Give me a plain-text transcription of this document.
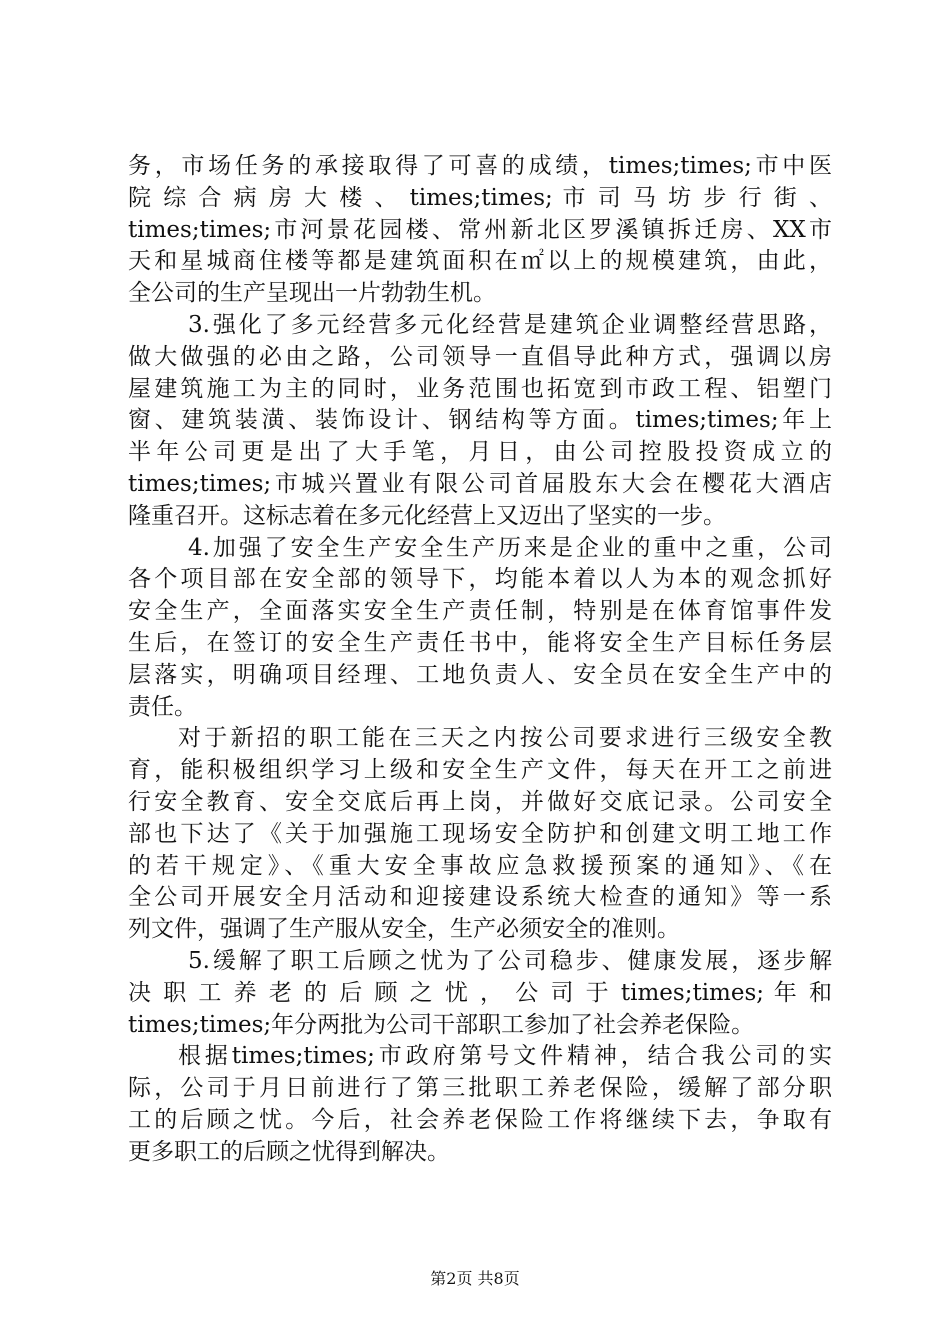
务，市场任务的承接取得了可喜的成绩，times;times;市中医
院 综 合 病 房 大 楼 、 times;times; 市 司 马 坊 步 行 街 、
times;times;市河景花园楼、常州新北区罗溪镇拆迁房、XX市
天和星城商住楼等都是建筑面积在㎡以上的规模建筑，由此，
全公司的生产呈现出一片勃勃生机。
3.强化了多元经营多元化经营是建筑企业调整经营思路，
做大做强的必由之路，公司领导一直倡导此种方式，强调以房
屋建筑施工为主的同时，业务范围也拓宽到市政工程、铝塑门
窗、建筑装潢、装饰设计、钢结构等方面。times;times;年上
半年公司更是出了大手笔，月日，由公司控股投资成立的
times;times;市城兴置业有限公司首届股东大会在樱花大酒店
隆重召开。这标志着在多元化经营上又迈出了坚实的一步。
4.加强了安全生产安全生产历来是企业的重中之重，公司
各个项目部在安全部的领导下，均能本着以人为本的观念抓好
安全生产，全面落实安全生产责任制，特别是在体育馆事件发
生后，在签订的安全生产责任书中，能将安全生产目标任务层
层落实，明确项目经理、工地负责人、安全员在安全生产中的
责任。
对于新招的职工能在三天之内按公司要求进行三级安全教
育，能积极组织学习上级和安全生产文件，每天在开工之前进
行安全教育、安全交底后再上岗，并做好交底记录。公司安全
部也下达了《关于加强施工现场安全防护和创建文明工地工作
的若干规定》、《重大安全事故应急救援预案的通知》、《在
全公司开展安全月活动和迎接建设系统大检查的通知》等一系
列文件，强调了生产服从安全，生产必须安全的准则。
5.缓解了职工后顾之忧为了公司稳步、健康发展，逐步解
决 职 工 养 老 的 后 顾 之 忧 ， 公 司 于 times;times; 年 和
times;times;年分两批为公司干部职工参加了社会养老保险。
根据times;times;市政府第号文件精神，结合我公司的实
际，公司于月日前进行了第三批职工养老保险，缓解了部分职
工的后顾之忧。今后，社会养老保险工作将继续下去，争取有
更多职工的后顾之忧得到解决。
第2页 共8页
